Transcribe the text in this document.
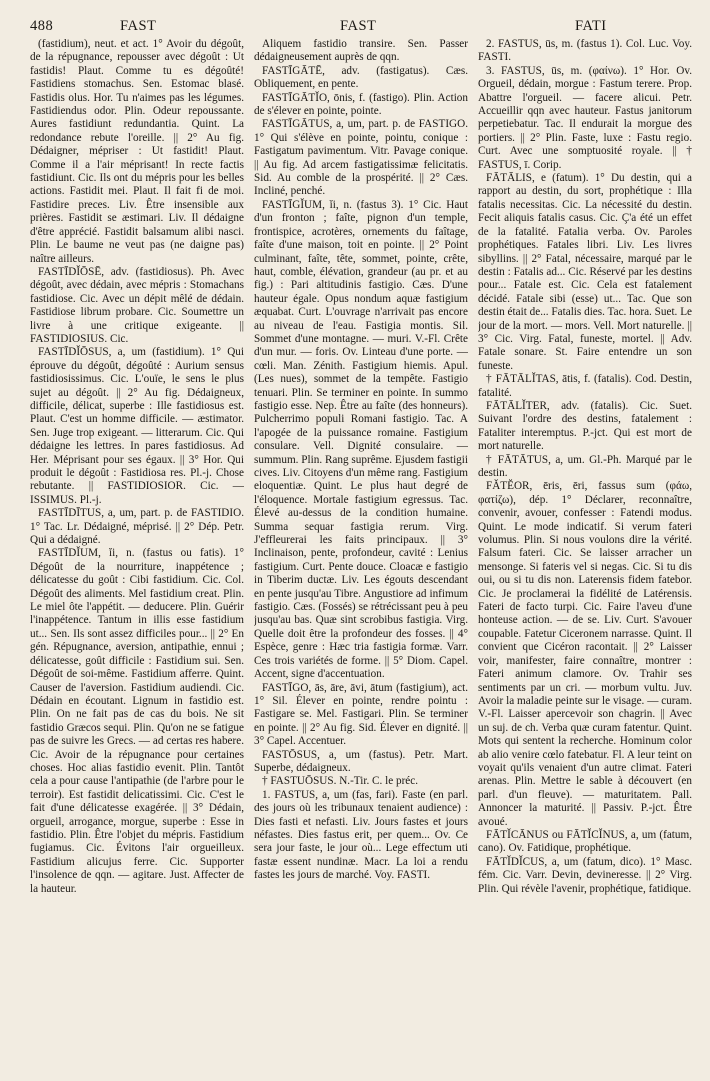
488	FAST	FAST	FATI

(fastidium), neut. et act. 1° Avoir du dégoût, de la répugnance, repousser avec dégoût : Ut fastidis! Plaut. Comme tu es dégoûté! Fastidiens stomachus. Sen. Estomac blasé. Fastidis olus. Hor. Tu n'aimes pas les légumes. Fastidiendus odor. Plin. Odeur repoussante. Aures fastidiunt redundantia. Quint. La redondance rebute l'oreille. || 2° Au fig. Dédaigner, mépriser : Ut fastidit! Plaut. Comme il a l'air méprisant! In recte factis fastidiunt. Cic. Ils ont du mépris pour les belles actions. Fastidit mei. Plaut. Il fait fi de moi. Fastidire preces. Liv. Être insensible aux prières. Fastidit se æstimari. Liv. Il dédaigne d'être apprécié. Fastidit balsamum alibi nasci. Plin. Le baume ne veut pas (ne daigne pas) naître ailleurs.

FASTĪDĬŌSĒ, adv. (fastidiosus). Ph. Avec dégoût, avec dédain, avec mépris : Stomachans fastidiose. Cic. Avec un dépit mêlé de dédain. Fastidiose librum probare. Cic. Soumettre un livre à une critique exigeante. || FASTIDIOSIUS. Cic.

FASTĪDĬŌSUS, a, um (fastidium). 1° Qui éprouve du dégoût, dégoûté : Aurium sensus fastidiosissimus. Cic. L'ouïe, le sens le plus sujet au dégoût. || 2° Au fig. Dédaigneux, difficile, délicat, superbe : Ille fastidiosus est. Plaut. C'est un homme difficile. — æstimator. Sen. Juge trop exigeant. — litterarum. Cic. Qui dédaigne les lettres. In pares fastidiosus. Ad Her. Méprisant pour ses égaux. || 3° Hor. Qui produit le dégoût : Fastidiosa res. Pl.-j. Chose rebutante. || FASTIDIOSIOR. Cic. — ISSIMUS. Pl.-j.

FASTĪDĪTUS, a, um, part. p. de FASTIDIO. 1° Tac. Lr. Dédaigné, méprisé. || 2° Dép. Petr. Qui a dédaigné.

FASTĪDĬUM, ĭi, n. (fastus ou fatis). 1° Dégoût de la nourriture, inappétence ; délicatesse du goût : Cibi fastidium. Cic. Col. Dégoût des aliments. Mel fastidium creat. Plin. Le miel ôte l'appétit. — deducere. Plin. Guérir l'inappétence. Tantum in illis esse fastidium ut... Sen. Ils sont assez difficiles pour... || 2° En gén. Répugnance, aversion, antipathie, ennui ; délicatesse, goût difficile : Fastidium sui. Sen. Dégoût de soi-même. Fastidium afferre. Quint. Causer de l'aversion. Fastidium audiendi. Cic. Dédain en écoutant. Lignum in fastidio est. Plin. On ne fait pas de cas du bois. Ne sit fastidio Græcos sequi. Plin. Qu'on ne se fatigue pas de suivre les Grecs. — ad certas res habere. Cic. Avoir de la répugnance pour certaines choses. Hoc alias fastidio evenit. Plin. Tantôt cela a pour cause l'antipathie (de l'arbre pour le terroir). Est fastidit delicatissimi. Cic. C'est le fait d'une délicatesse exagérée. || 3° Dédain, orgueil, arrogance, morgue, superbe : Esse in fastidio. Plin. Être l'objet du mépris. Fastidium fugiamus. Cic. Évitons l'air orgueilleux. Fastidium alicujus ferre. Cic. Supporter l'insolence de qqn. — agitare. Just. Affecter de la hauteur.

Aliquem fastidio transire. Sen. Passer dédaigneusement auprès de qqn.

FASTĪGĀTĒ, adv. (fastigatus). Cæs. Obliquement, en pente.

FASTĪGĀTĬO, ōnis, f. (fastigo). Plin. Action de s'élever en pointe, pointe.

FASTĪGĀTUS, a, um, part. p. de FASTIGO. 1° Qui s'élève en pointe, pointu, conique : Fastigatum pavimentum. Vitr. Pavage conique. || Au fig. Ad arcem fastigatissimæ felicitatis. Sid. Au comble de la prospérité. || 2° Cæs. Incliné, penché.

FASTĪGĬUM, ĭi, n. (fastus 3). 1° Cic. Haut d'un fronton ; faîte, pignon d'un temple, frontispice, acrotères, ornements du faîtage, faîte d'une maison, toit en pointe. || 2° Point culminant, faîte, tête, sommet, pointe, crête, haut, comble, élévation, grandeur (au pr. et au fig.) : Pari altitudinis fastigio. Cæs. D'une hauteur égale. Opus nondum aquæ fastigium æquabat. Curt. L'ouvrage n'arrivait pas encore au niveau de l'eau. Fastigia montis. Sil. Sommet d'une montagne. — muri. V.-Fl. Crête d'un mur. — foris. Ov. Linteau d'une porte. — cœli. Man. Zénith. Fastigium hiemis. Apul. (Les nues), sommet de la tempête. Fastigio tenuari. Plin. Se terminer en pointe. In summo fastigio esse. Nep. Être au faîte (des honneurs). Pulcherrimo populi Romani fastigio. Tac. A l'apogée de la puissance romaine. Fastigium consulare. Vell. Dignité consulaire. — summum. Plin. Rang suprême. Ejusdem fastigii cives. Liv. Citoyens d'un même rang. Fastigium eloquentiæ. Quint. Le plus haut degré de l'éloquence. Mortale fastigium egressus. Tac. Élevé au-dessus de la condition humaine. Summa sequar fastigia rerum. Virg. J'effleurerai les faits principaux. || 3° Inclinaison, pente, profondeur, cavité : Lenius fastigium. Curt. Pente douce. Cloacæ e fastigio in Tiberim ductæ. Liv. Les égouts descendant en pente jusqu'au Tibre. Angustiore ad infimum fastigio. Cæs. (Fossés) se rétrécissant peu à peu jusqu'au bas. Quæ sint scrobibus fastigia. Virg. Quelle doit être la profondeur des fosses. || 4° Espèce, genre : Hæc tria fastigia formæ. Varr. Ces trois variétés de forme. || 5° Diom. Capel. Accent, signe d'accentuation.

FASTĪGO, ās, āre, āvi, ātum (fastigium), act. 1° Sil. Élever en pointe, rendre pointu : Fastigare se. Mel. Fastigari. Plin. Se terminer en pointe. || 2° Au fig. Sid. Élever en dignité. || 3° Capel. Accentuer.

FASTŌSUS, a, um (fastus). Petr. Mart. Superbe, dédaigneux.

† FASTUŌSUS. N.-Tir. C. le préc.

1. FASTUS, a, um (fas, fari). Faste (en parl. des jours où les tribunaux tenaient audience) : Dies fasti et nefasti. Liv. Jours fastes et jours néfastes. Dies fastus erit, per quem... Ov. Ce sera jour faste, le jour où... Lege effectum uti fastæ essent nundinæ. Macr. La loi a rendu fastes les jours de marché. Voy. FASTI.

2. FASTUS, ūs, m. (fastus 1). Col. Luc. Voy. FASTI.

3. FASTUS, ūs, m. (φαίνω). 1° Hor. Ov. Orgueil, dédain, morgue : Fastum terere. Prop. Abattre l'orgueil. — facere alicui. Petr. Accueillir qqn avec hauteur. Fastus janitorum perpetiebatur. Tac. Il endurait la morgue des portiers. || 2° Plin. Faste, luxe : Fastu regio. Curt. Avec une somptuosité royale. || † FASTUS, ī. Corip.

FĀTĀLIS, e (fatum). 1° Du destin, qui a rapport au destin, du sort, prophétique : Illa fatalis necessitas. Cic. La nécessité du destin. Fecit aliquis fatalis casus. Cic. Ç'a été un effet de la fatalité. Fatalia verba. Ov. Paroles prophétiques. Fatales libri. Liv. Les livres sibyllins. || 2° Fatal, nécessaire, marqué par le destin : Fatalis ad... Cic. Réservé par les destins pour... Fatale est. Cic. Cela est fatalement décidé. Fatale sibi (esse) ut... Tac. Que son destin était de... Fatalis dies. Tac. hora. Suet. Le jour de la mort. — mors. Vell. Mort naturelle. || 3° Cic. Virg. Fatal, funeste, mortel. || Adv. Fatale sonare. St. Faire entendre un son funeste.

† FĀTĀLĬTAS, ātis, f. (fatalis). Cod. Destin, fatalité.

FĀTĀLĬTER, adv. (fatalis). Cic. Suet. Suivant l'ordre des destins, fatalement : Fataliter interemptus. P.-jct. Qui est mort de mort naturelle.

† FĀTĀTUS, a, um. Gl.-Ph. Marqué par le destin.

FĂTĔOR, ēris, ēri, fassus sum (φάω, φατίζω), dép. 1° Déclarer, reconnaître, convenir, avouer, confesser : Fatendi modus. Quint. Le mode indicatif. Si verum fateri volumus. Plin. Si nous voulons dire la vérité. Falsum fateri. Cic. Se laisser arracher un mensonge. Si fateris vel si negas. Cic. Si tu dis oui, ou si tu dis non. Laterensis fidem fatebor. Cic. Je proclamerai la fidélité de Latérensis. Fateri de facto turpi. Cic. Faire l'aveu d'une honteuse action. — de se. Liv. Curt. S'avouer coupable. Fatetur Ciceronem narrasse. Quint. Il convient que Cicéron racontait. || 2° Laisser voir, manifester, faire connaître, montrer : Fateri animum clamore. Ov. Trahir ses sentiments par un cri. — morbum vultu. Juv. Avoir la maladie peinte sur le visage. — curam. V.-Fl. Laisser apercevoir son chagrin. || Avec un suj. de ch. Verba quæ curam fatentur. Quint. Mots qui sentent la recherche. Hominum color ab alio venire cœlo fatebatur. Fl. A leur teint on voyait qu'ils venaient d'un autre climat. Fateri arenas. Plin. Mettre le sable à découvert (en parl. d'un fleuve). — maturitatem. Pall. Annoncer la maturité. || Passiv. P.-jct. Être avoué.

FĀTĬCĀNUS ou FĀTĬCĬNUS, a, um (fatum, cano). Ov. Fatidique, prophétique.

FĀTĬDĬCUS, a, um (fatum, dico). 1° Masc. fém. Cic. Varr. Devin, devineresse. || 2° Virg. Plin. Qui révèle l'avenir, prophétique, fatidique.
